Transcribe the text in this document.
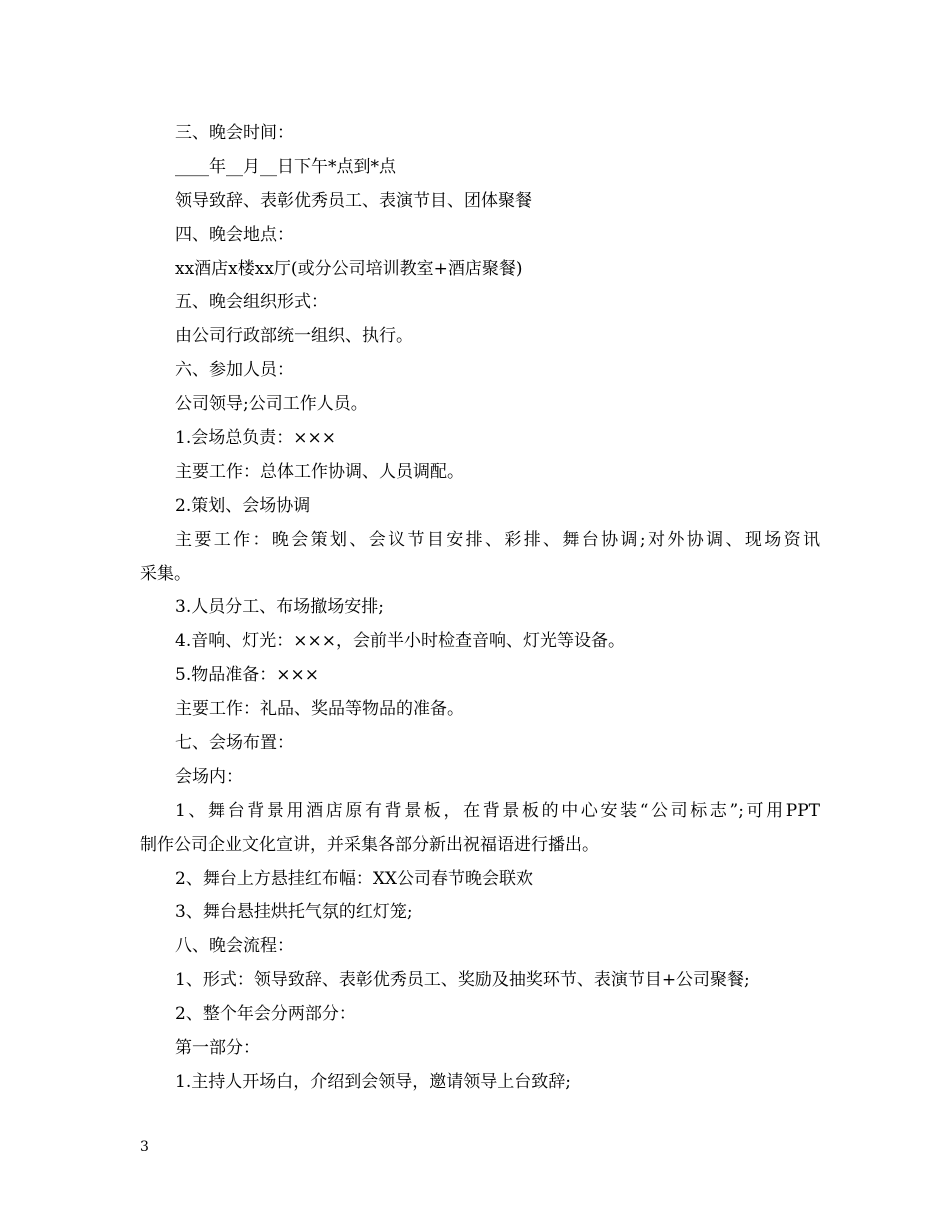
三、晚会时间：
____年__月__日下午*点到*点
领导致辞、表彰优秀员工、表演节目、团体聚餐
四、晚会地点：
xx酒店x楼xx厅(或分公司培训教室+酒店聚餐)
五、晚会组织形式：
由公司行政部统一组织、执行。
六、参加人员：
公司领导;公司工作人员。
1.会场总负责：×××
主要工作：总体工作协调、人员调配。
2.策划、会场协调
主要工作：晚会策划、会议节目安排、彩排、舞台协调;对外协调、现场资讯
采集。
3.人员分工、布场撤场安排;
4.音响、灯光：×××，会前半小时检查音响、灯光等设备。
5.物品准备：×××
主要工作：礼品、奖品等物品的准备。
七、会场布置：
会场内：
1、舞台背景用酒店原有背景板，在背景板的中心安装“公司标志”;可用PPT
制作公司企业文化宣讲，并采集各部分新出祝福语进行播出。
2、舞台上方悬挂红布幅：XX公司春节晚会联欢
3、舞台悬挂烘托气氛的红灯笼;
八、晚会流程：
1、形式：领导致辞、表彰优秀员工、奖励及抽奖环节、表演节目+公司聚餐;
2、整个年会分两部分：
第一部分：
1.主持人开场白，介绍到会领导，邀请领导上台致辞;
3
